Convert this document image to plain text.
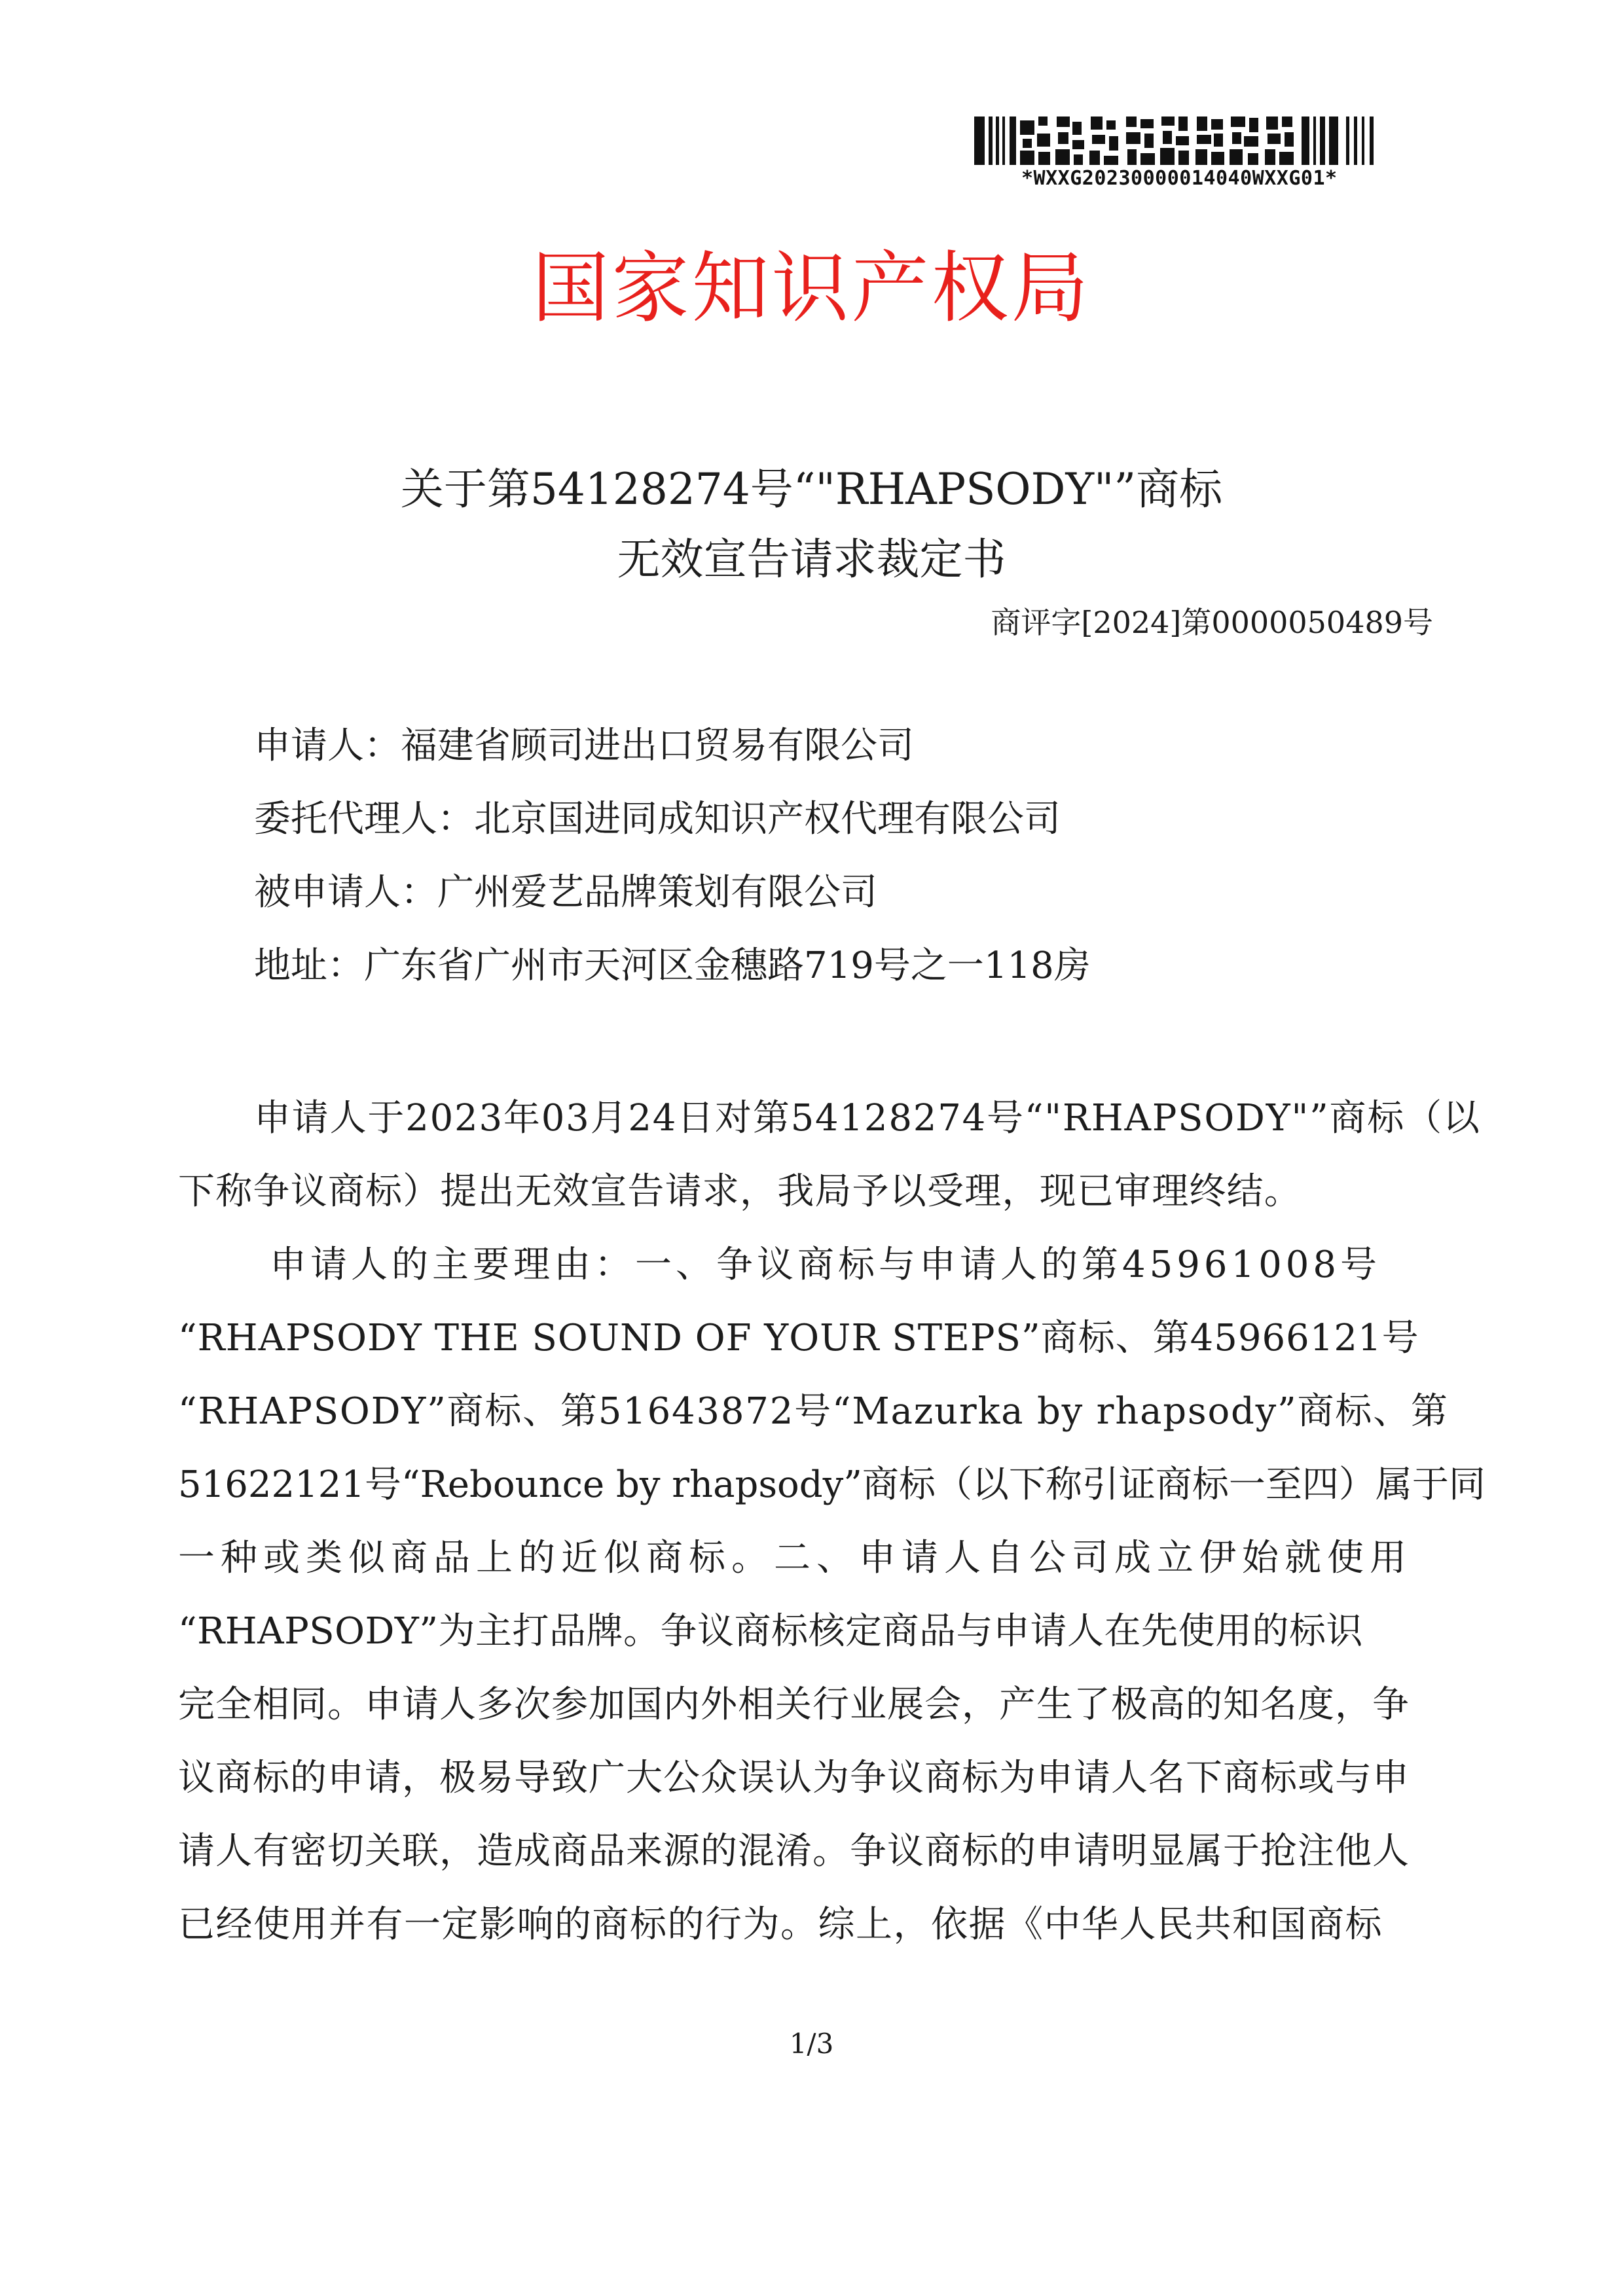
*WXXG20230000014040WXXG01*
国家知识产权局
关于第54128274号“"RHAPSODY"”商标
无效宣告请求裁定书
商评字[2024]第0000050489号
申请人：福建省顾司进出口贸易有限公司
委托代理人：北京国进同成知识产权代理有限公司
被申请人：广州爱艺品牌策划有限公司
地址：广东省广州市天河区金穗路719号之一118房
申请人于2023年03月24日对第54128274号“"RHAPSODY"”商标（以
下称争议商标）提出无效宣告请求，我局予以受理，现已审理终结。
申请人的主要理由：一、争议商标与申请人的第45961008号
“RHAPSODY THE SOUND OF YOUR STEPS”商标、第45966121号
“RHAPSODY”商标、第51643872号“Mazurka by rhapsody”商标、第
51622121号“Rebounce by rhapsody”商标（以下称引证商标一至四）属于同
一种或类似商品上的近似商标。二、申请人自公司成立伊始就使用
“RHAPSODY”为主打品牌。争议商标核定商品与申请人在先使用的标识
完全相同。申请人多次参加国内外相关行业展会，产生了极高的知名度，争
议商标的申请，极易导致广大公众误认为争议商标为申请人名下商标或与申
请人有密切关联，造成商品来源的混淆。争议商标的申请明显属于抢注他人
已经使用并有一定影响的商标的行为。综上，依据《中华人民共和国商标
1/3
